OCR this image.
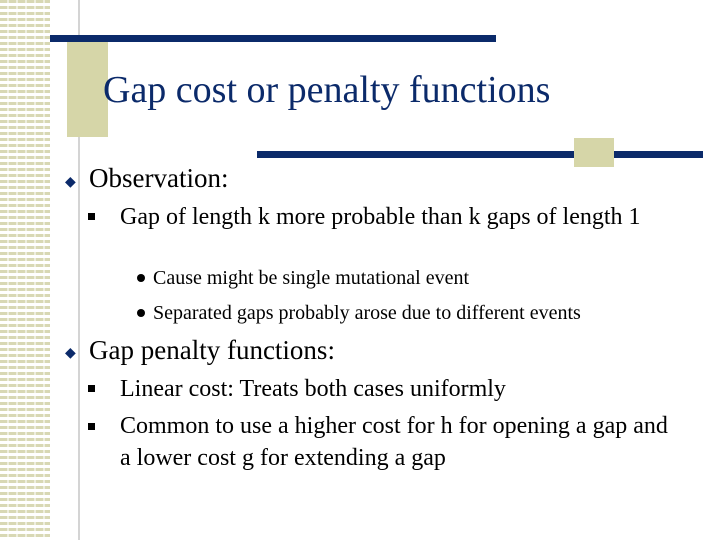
Gap cost or penalty functions
◆ Observation:
Gap of length k more probable than k gaps of length 1
Cause might be single mutational event
Separated gaps probably arose due to different events
◆ Gap penalty functions:
Linear cost: Treats both cases uniformly
Common to use a higher cost for h for opening a gap and a lower cost g for extending a gap
